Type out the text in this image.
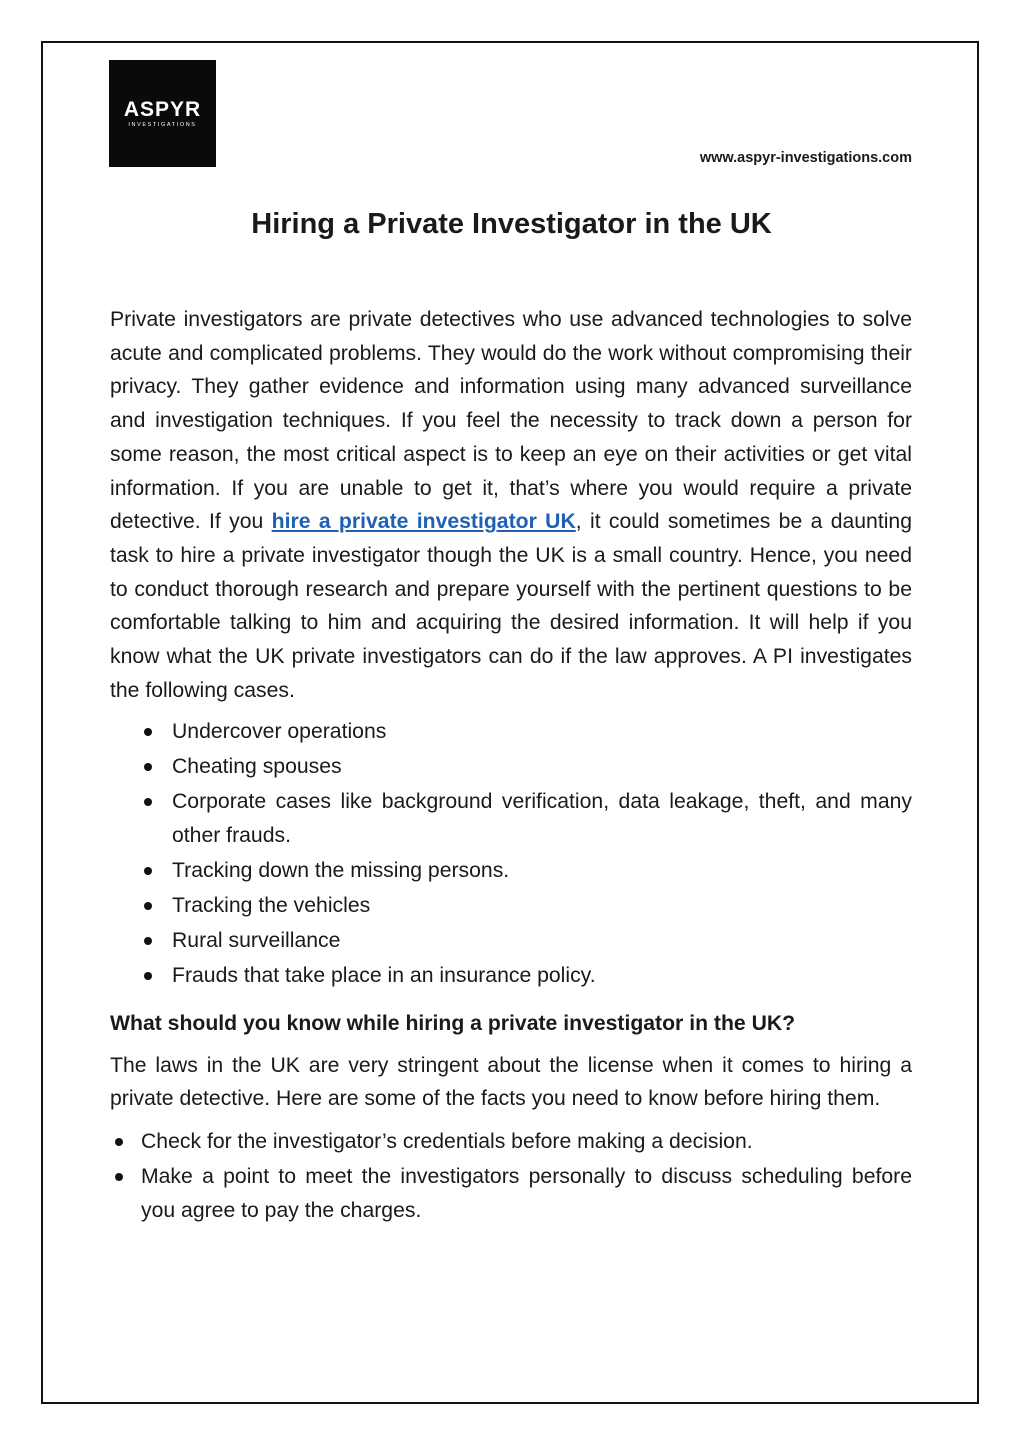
ASPYR
INVESTIGATIONS
www.aspyr-investigations.com
Hiring a Private Investigator in the UK

Private investigators are private detectives who use advanced technologies to solve acute and complicated problems. They would do the work without compromising their privacy. They gather evidence and information using many advanced surveillance and investigation techniques. If you feel the necessity to track down a person for some reason, the most critical aspect is to keep an eye on their activities or get vital information. If you are unable to get it, that’s where you would require a private detective. If you hire a private investigator UK, it could sometimes be a daunting task to hire a private investigator though the UK is a small country. Hence, you need to conduct thorough research and prepare yourself with the pertinent questions to be comfortable talking to him and acquiring the desired information. It will help if you know what the UK private investigators can do if the law approves. A PI investigates the following cases.

Undercover operations
Cheating spouses
Corporate cases like background verification, data leakage, theft, and many other frauds.
Tracking down the missing persons.
Tracking the vehicles
Rural surveillance
Frauds that take place in an insurance policy.
What should you know while hiring a private investigator in the UK?

The laws in the UK are very stringent about the license when it comes to hiring a private detective. Here are some of the facts you need to know before hiring them.

Check for the investigator’s credentials before making a decision.
Make a point to meet the investigators personally to discuss scheduling before you agree to pay the charges.
